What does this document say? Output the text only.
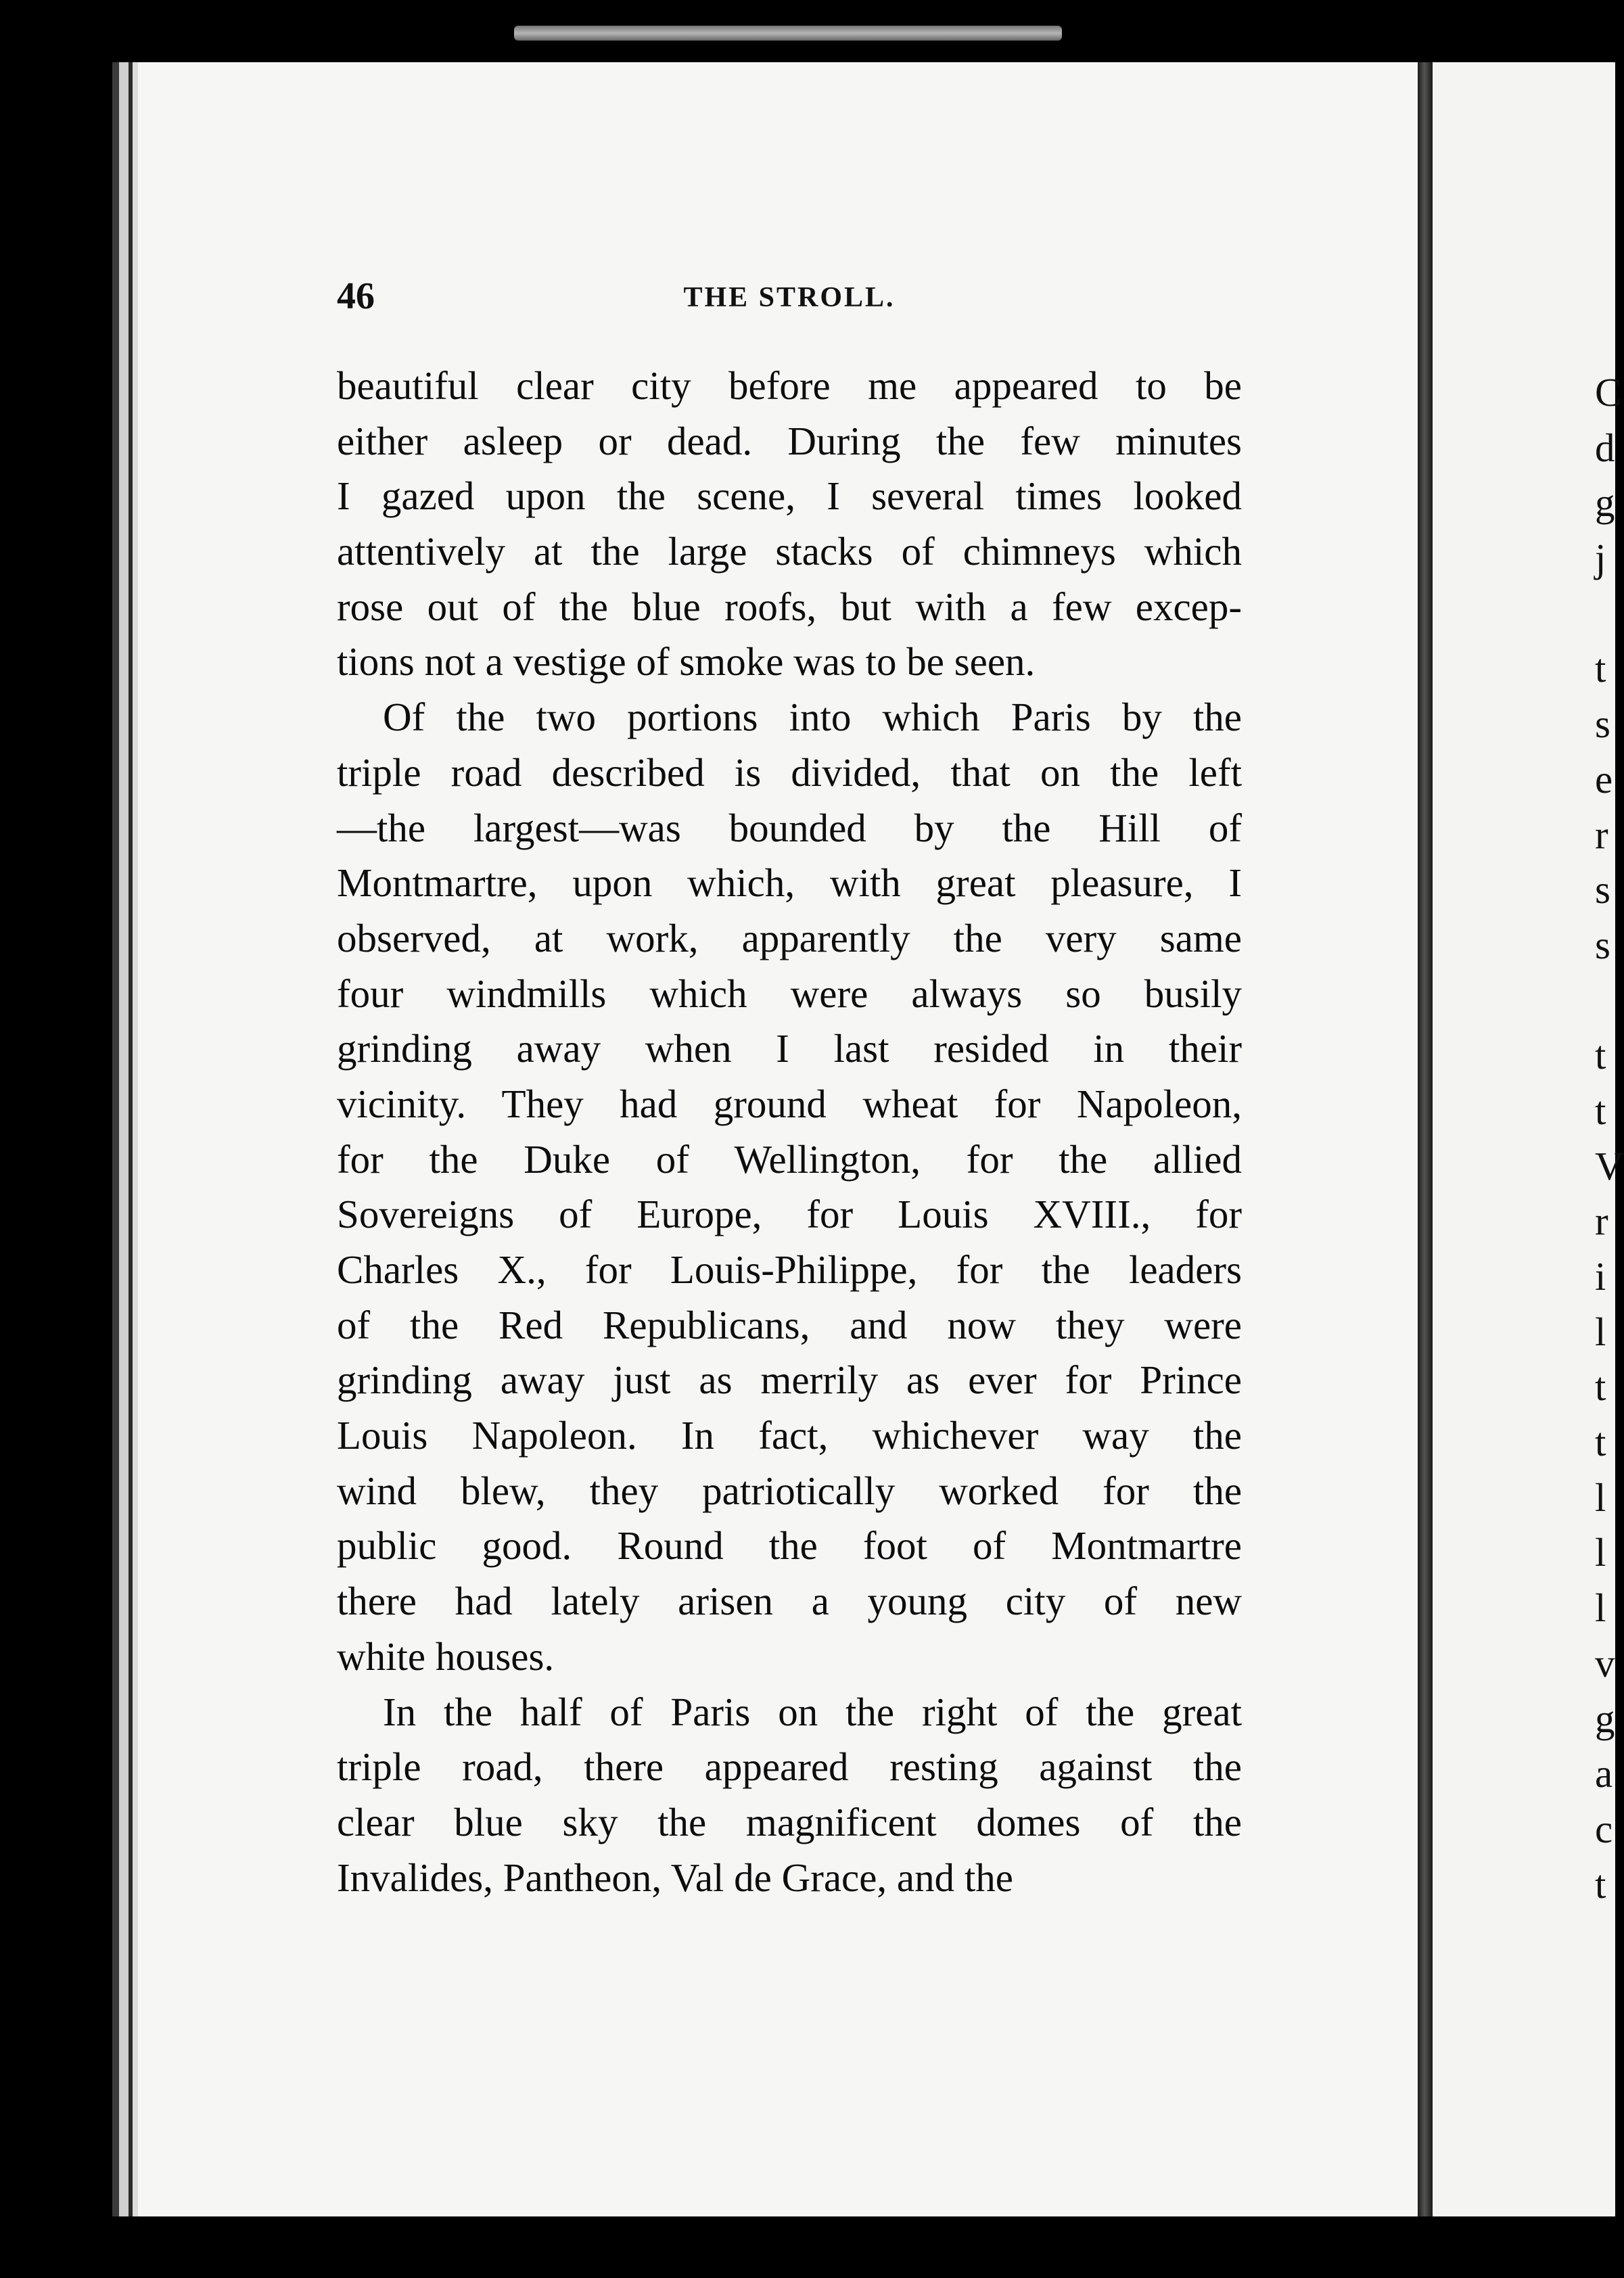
46	THE STROLL.
beautiful clear city before me appeared to be
either asleep or dead. During the few minutes
I gazed upon the scene, I several times looked
attentively at the large stacks of chimneys which
rose out of the blue roofs, but with a few excep-
tions not a vestige of smoke was to be seen.
Of the two portions into which Paris by the
triple road described is divided, that on the left
—the largest—was bounded by the Hill of
Montmartre, upon which, with great pleasure, I
observed, at work, apparently the very same
four windmills which were always so busily
grinding away when I last resided in their
vicinity. They had ground wheat for Napoleon,
for the Duke of Wellington, for the allied
Sovereigns of Europe, for Louis XVIII., for
Charles X., for Louis-Philippe, for the leaders
of the Red Republicans, and now they were
grinding away just as merrily as ever for Prince
Louis Napoleon. In fact, whichever way the
wind blew, they patriotically worked for the
public good. Round the foot of Montmartre
there had lately arisen a young city of new
white houses.
In the half of Paris on the right of the great
triple road, there appeared resting against the
clear blue sky the magnificent domes of the
Invalides, Pantheon, Val de Grace, and the
C
d
g
j
t
s
e
r
s
s
t
t
V
r
i
l
t
t
l
l
l
v
g
a
c
t
